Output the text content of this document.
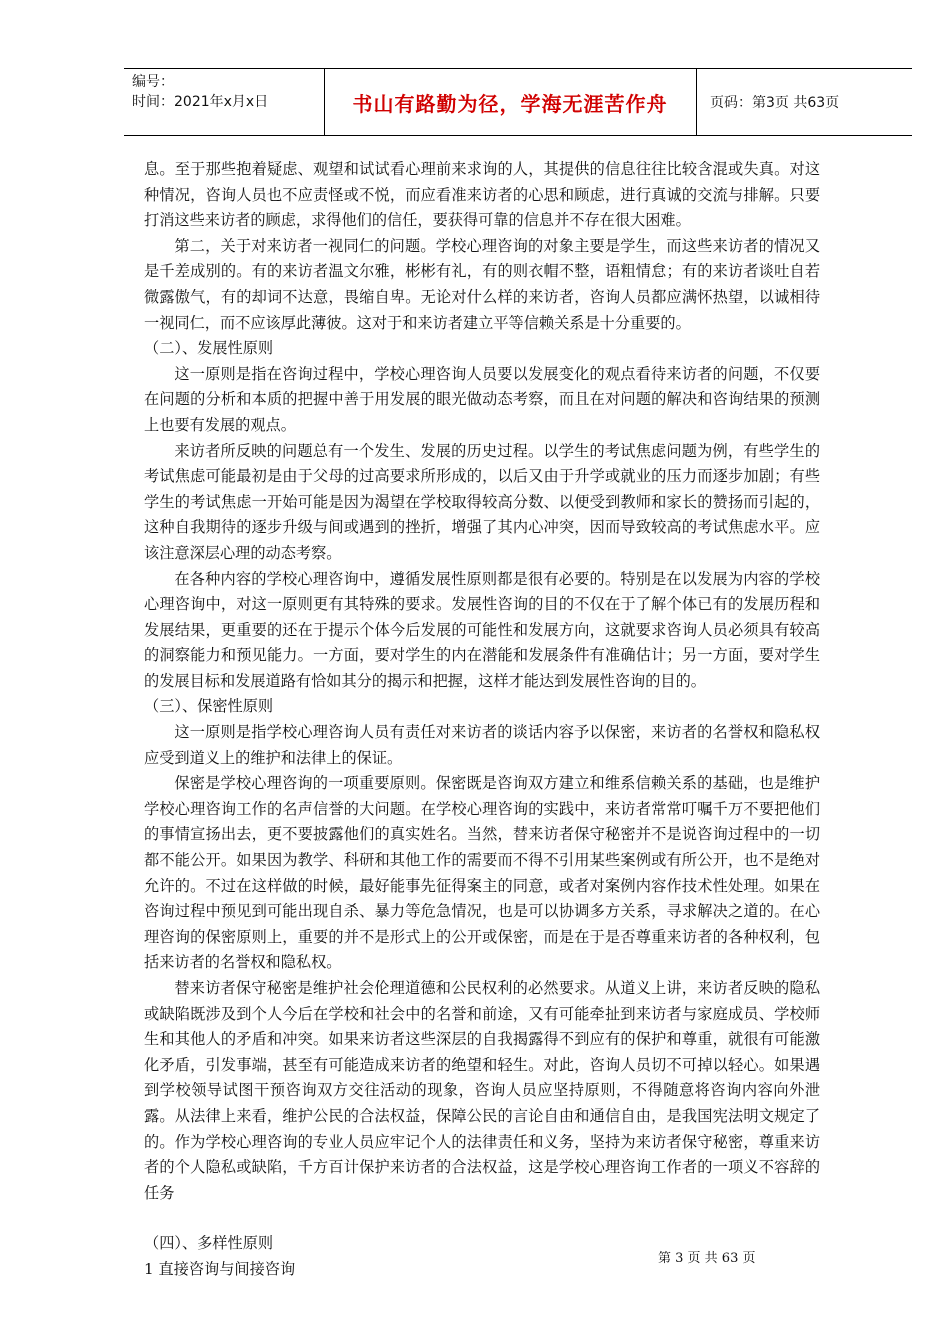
编号：
时间：2021年x月x日	书山有路勤为径，学海无涯苦作舟	页码：第3页 共63页

息。至于那些抱着疑虑、观望和试试看心理前来求询的人，其提供的信息往往比较含混或失真。对这种情况，咨询人员也不应责怪或不悦，而应看准来访者的心思和顾虑，进行真诚的交流与排解。只要打消这些来访者的顾虑，求得他们的信任，要获得可靠的信息并不存在很大困难。

第二，关于对来访者一视同仁的问题。学校心理咨询的对象主要是学生，而这些来访者的情况又是千差成别的。有的来访者温文尔雅，彬彬有礼，有的则衣帽不整，语粗情怠；有的来访者谈吐自若微露傲气，有的却词不达意，畏缩自卑。无论对什么样的来访者，咨询人员都应满怀热望，以诚相待一视同仁，而不应该厚此薄彼。这对于和来访者建立平等信赖关系是十分重要的。

（二）、发展性原则

这一原则是指在咨询过程中，学校心理咨询人员要以发展变化的观点看待来访者的问题，不仅要在问题的分析和本质的把握中善于用发展的眼光做动态考察，而且在对问题的解决和咨询结果的预测上也要有发展的观点。

来访者所反映的问题总有一个发生、发展的历史过程。以学生的考试焦虑问题为例，有些学生的考试焦虑可能最初是由于父母的过高要求所形成的，以后又由于升学或就业的压力而逐步加剧；有些学生的考试焦虑一开始可能是因为渴望在学校取得较高分数、以便受到教师和家长的赞扬而引起的，这种自我期待的逐步升级与间或遇到的挫折，增强了其内心冲突，因而导致较高的考试焦虑水平。应该注意深层心理的动态考察。

在各种内容的学校心理咨询中，遵循发展性原则都是很有必要的。特别是在以发展为内容的学校心理咨询中，对这一原则更有其特殊的要求。发展性咨询的目的不仅在于了解个体已有的发展历程和发展结果，更重要的还在于提示个体今后发展的可能性和发展方向，这就要求咨询人员必须具有较高的洞察能力和预见能力。一方面，要对学生的内在潜能和发展条件有准确估计；另一方面，要对学生的发展目标和发展道路有恰如其分的揭示和把握，这样才能达到发展性咨询的目的。

（三）、保密性原则

这一原则是指学校心理咨询人员有责任对来访者的谈话内容予以保密，来访者的名誉权和隐私权应受到道义上的维护和法律上的保证。

保密是学校心理咨询的一项重要原则。保密既是咨询双方建立和维系信赖关系的基础，也是维护学校心理咨询工作的名声信誉的大问题。在学校心理咨询的实践中，来访者常常叮嘱千万不要把他们的事情宣扬出去，更不要披露他们的真实姓名。当然，替来访者保守秘密并不是说咨询过程中的一切都不能公开。如果因为教学、科研和其他工作的需要而不得不引用某些案例或有所公开，也不是绝对允许的。不过在这样做的时候，最好能事先征得案主的同意，或者对案例内容作技术性处理。如果在咨询过程中预见到可能出现自杀、暴力等危急情况，也是可以协调多方关系，寻求解决之道的。在心理咨询的保密原则上，重要的并不是形式上的公开或保密，而是在于是否尊重来访者的各种权利，包括来访者的名誉权和隐私权。

替来访者保守秘密是维护社会伦理道德和公民权利的必然要求。从道义上讲，来访者反映的隐私或缺陷既涉及到个人今后在学校和社会中的名誉和前途，又有可能牵扯到来访者与家庭成员、学校师生和其他人的矛盾和冲突。如果来访者这些深层的自我揭露得不到应有的保护和尊重，就很有可能激化矛盾，引发事端，甚至有可能造成来访者的绝望和轻生。对此，咨询人员切不可掉以轻心。如果遇到学校领导试图干预咨询双方交往活动的现象，咨询人员应坚持原则，不得随意将咨询内容向外泄露。从法律上来看，维护公民的合法权益，保障公民的言论自由和通信自由，是我国宪法明文规定了的。作为学校心理咨询的专业人员应牢记个人的法律责任和义务，坚持为来访者保守秘密，尊重来访者的个人隐私或缺陷，千方百计保护来访者的合法权益，这是学校心理咨询工作者的一项义不容辞的任务

（四）、多样性原则

1 直接咨询与间接咨询

第 3 页 共 63 页
